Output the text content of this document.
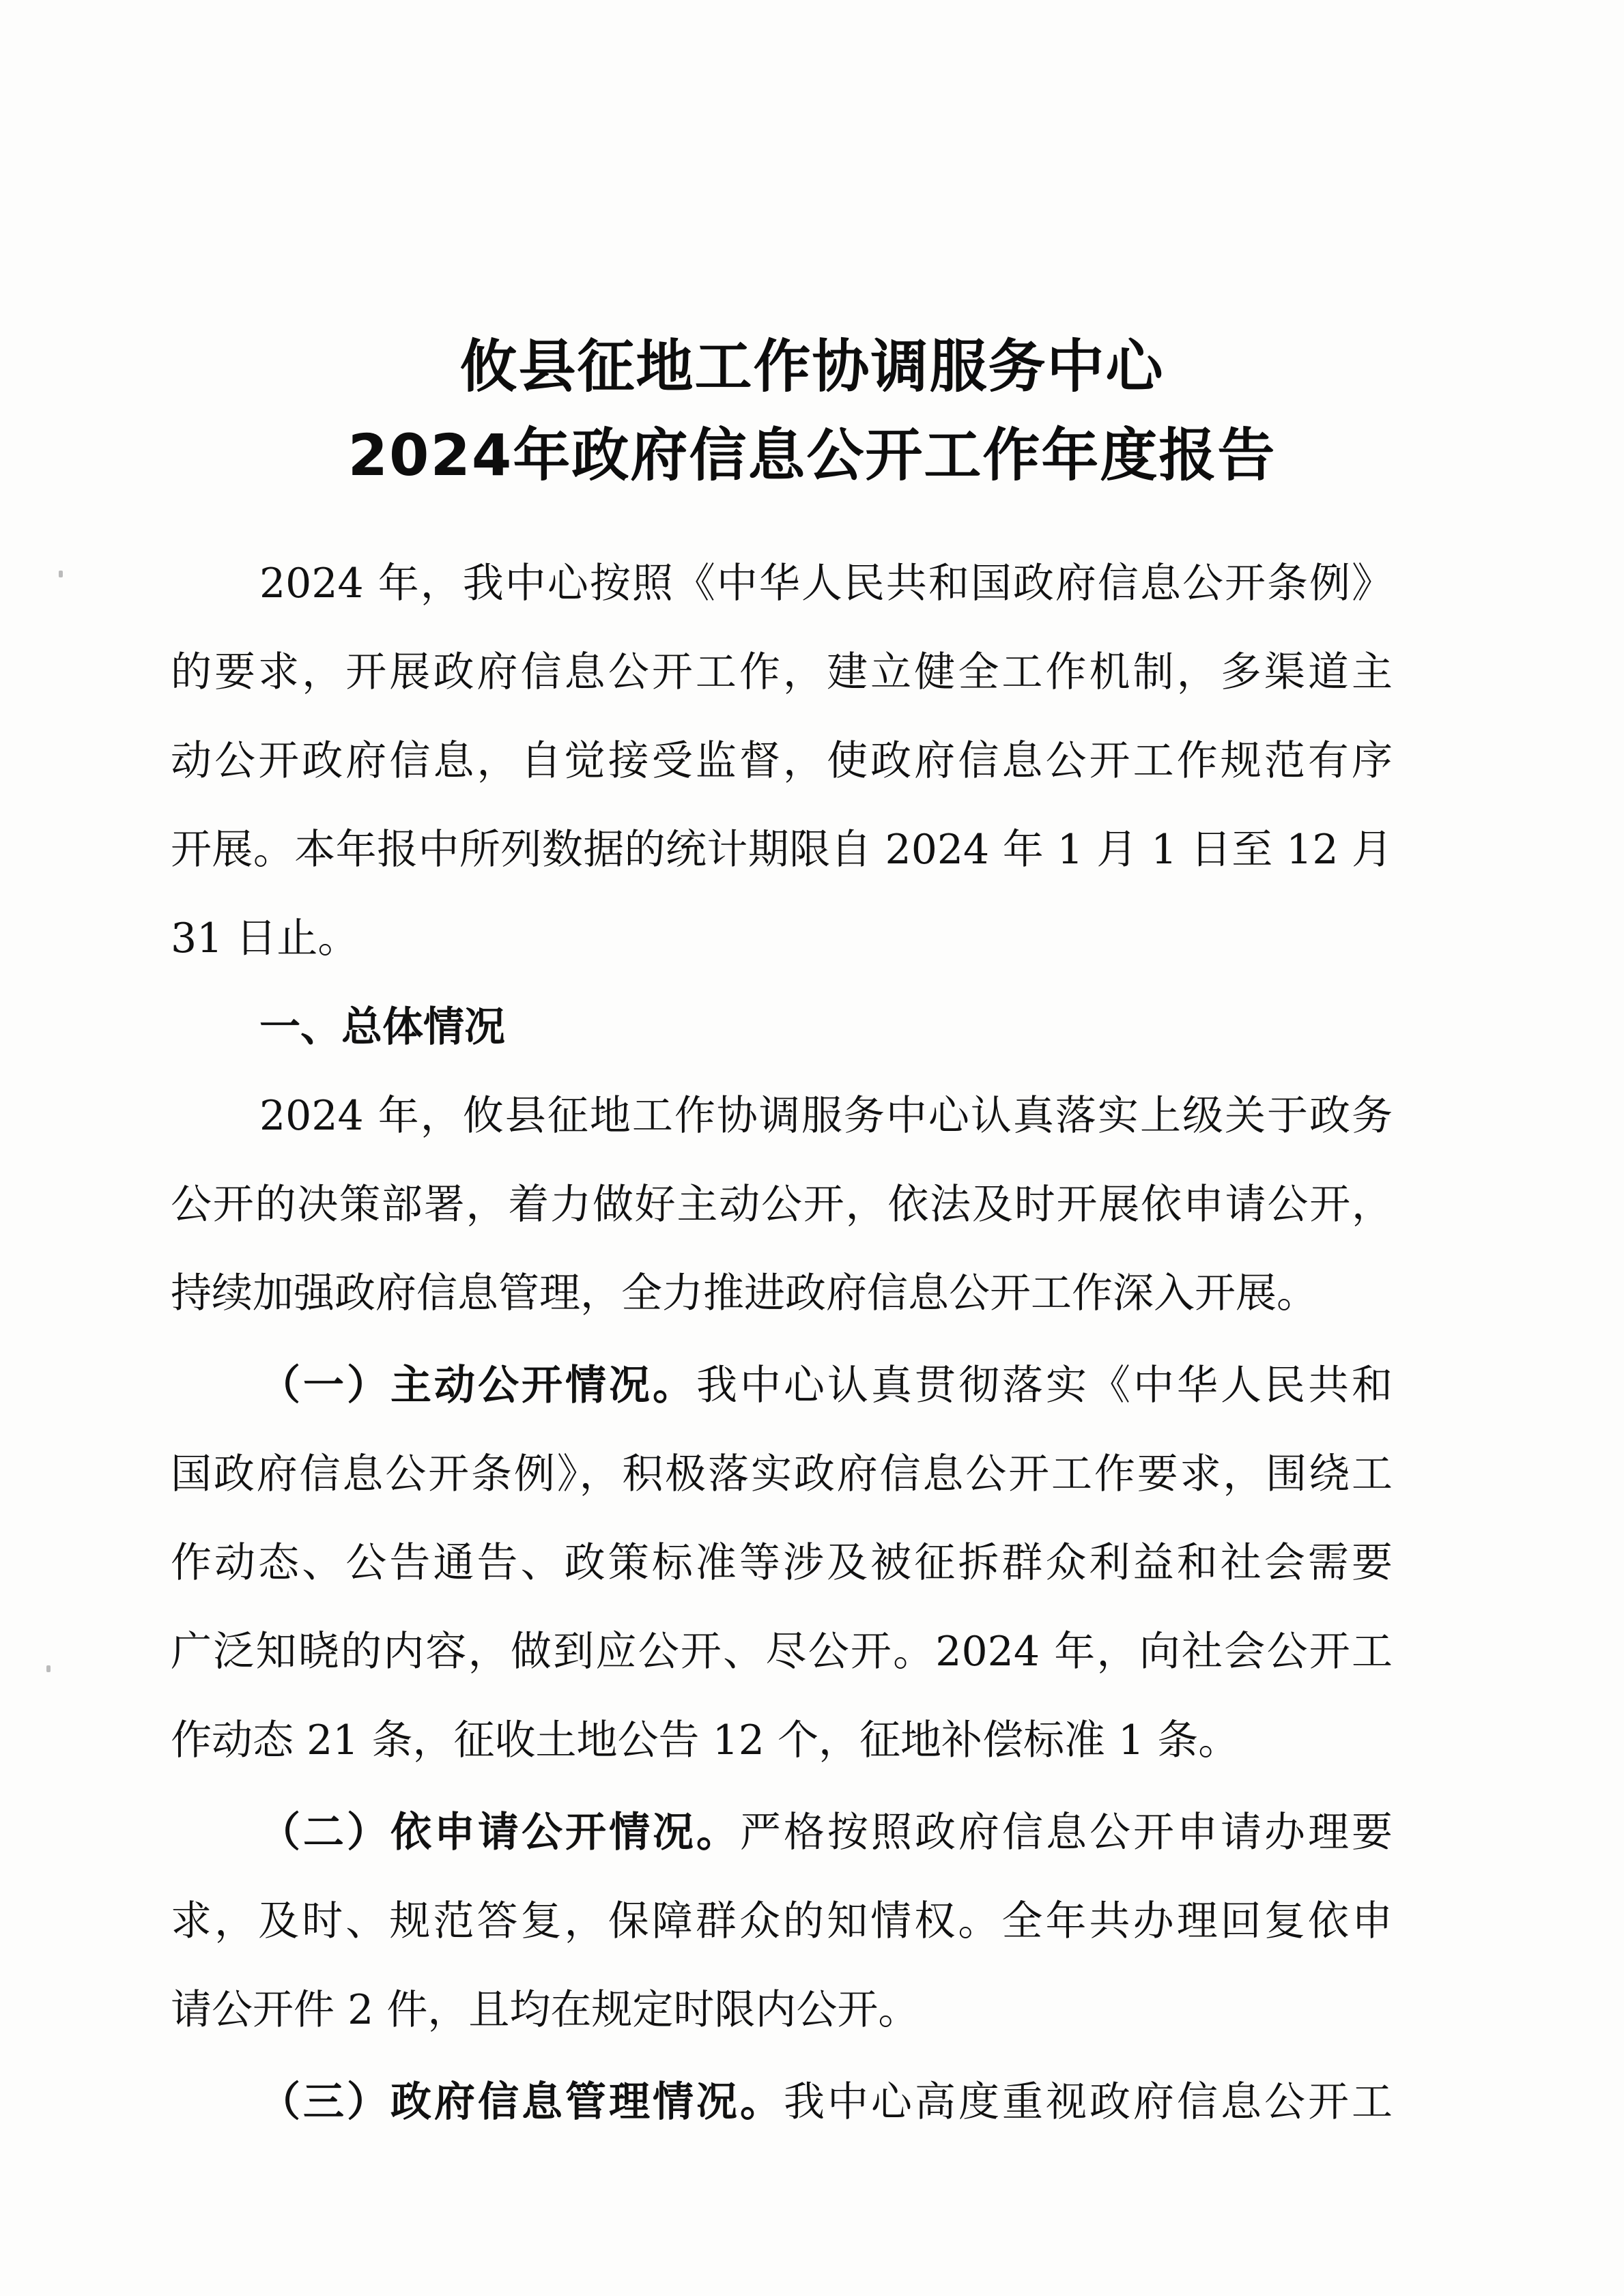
攸县征地工作协调服务中心
2024年政府信息公开工作年度报告
2024 年，我中心按照《中华人民共和国政府信息公开条例》
的要求，开展政府信息公开工作，建立健全工作机制，多渠道主
动公开政府信息，自觉接受监督，使政府信息公开工作规范有序
开展。本年报中所列数据的统计期限自 2024 年 1 月 1 日至 12 月
31 日止。
一、总体情况
2024 年，攸县征地工作协调服务中心认真落实上级关于政务
公开的决策部署，着力做好主动公开，依法及时开展依申请公开，
持续加强政府信息管理，全力推进政府信息公开工作深入开展。
（一）主动公开情况。我中心认真贯彻落实《中华人民共和
国政府信息公开条例》，积极落实政府信息公开工作要求，围绕工
作动态、公告通告、政策标准等涉及被征拆群众利益和社会需要
广泛知晓的内容，做到应公开、尽公开。2024 年，向社会公开工
作动态 21 条，征收土地公告 12 个，征地补偿标准 1 条。
（二）依申请公开情况。严格按照政府信息公开申请办理要
求，及时、规范答复，保障群众的知情权。全年共办理回复依申
请公开件 2 件，且均在规定时限内公开。
（三）政府信息管理情况。我中心高度重视政府信息公开工
